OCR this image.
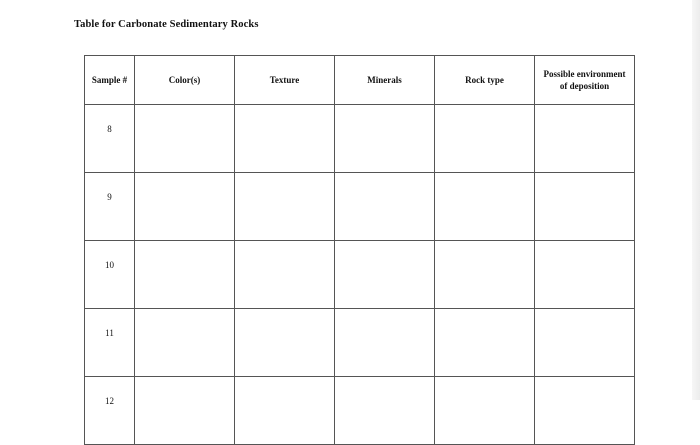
Table for Carbonate Sedimentary Rocks
Sample #	Color(s)	Texture	Minerals	Rock type	Possible environment of deposition
8					
9					
10					
11					
12					
